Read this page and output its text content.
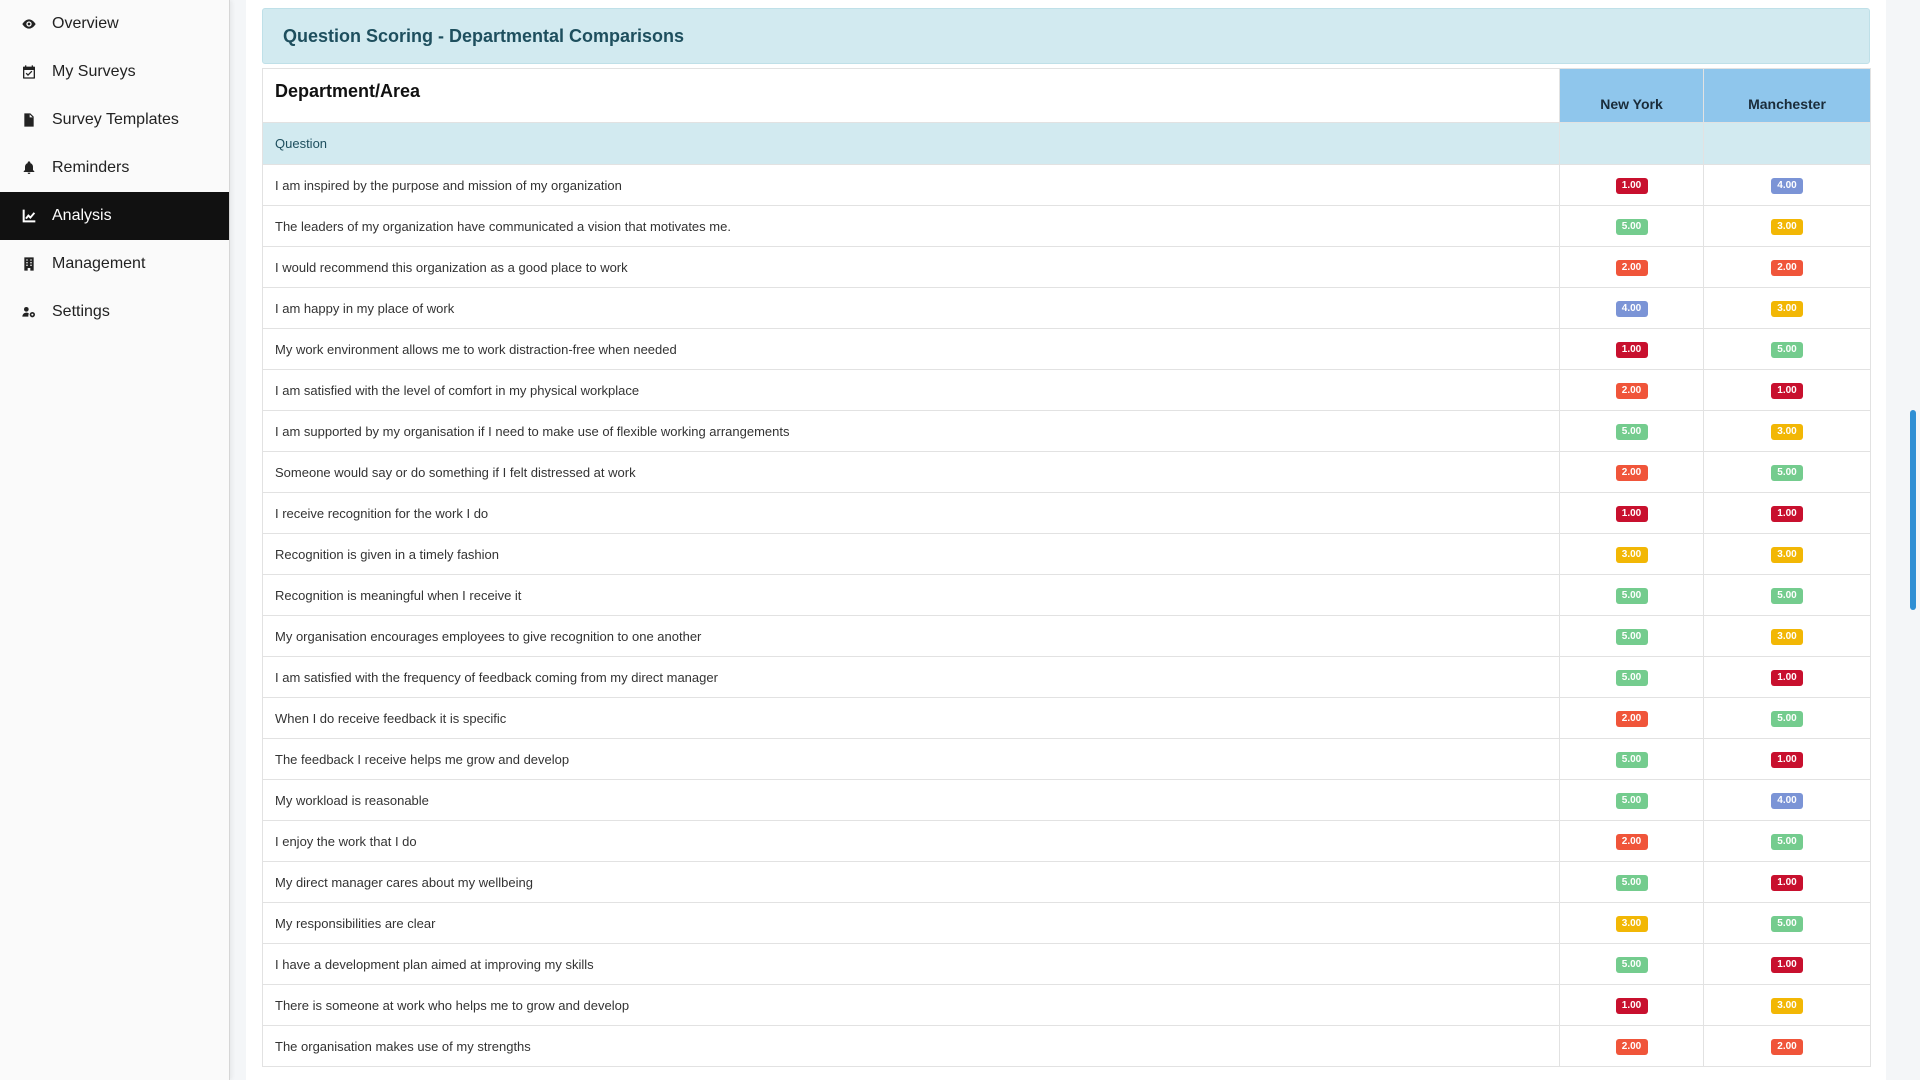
Overview
My Surveys
Survey Templates
Reminders
Analysis
Management
Settings
Question Scoring - Departmental Comparisons
Department/Area	New York	Manchester
Question		
I am inspired by the purpose and mission of my organization	1.00	4.00
The leaders of my organization have communicated a vision that motivates me.	5.00	3.00
I would recommend this organization as a good place to work	2.00	2.00
I am happy in my place of work	4.00	3.00
My work environment allows me to work distraction-free when needed	1.00	5.00
I am satisfied with the level of comfort in my physical workplace	2.00	1.00
I am supported by my organisation if I need to make use of flexible working arrangements	5.00	3.00
Someone would say or do something if I felt distressed at work	2.00	5.00
I receive recognition for the work I do	1.00	1.00
Recognition is given in a timely fashion	3.00	3.00
Recognition is meaningful when I receive it	5.00	5.00
My organisation encourages employees to give recognition to one another	5.00	3.00
I am satisfied with the frequency of feedback coming from my direct manager	5.00	1.00
When I do receive feedback it is specific	2.00	5.00
The feedback I receive helps me grow and develop	5.00	1.00
My workload is reasonable	5.00	4.00
I enjoy the work that I do	2.00	5.00
My direct manager cares about my wellbeing	5.00	1.00
My responsibilities are clear	3.00	5.00
I have a development plan aimed at improving my skills	5.00	1.00
There is someone at work who helps me to grow and develop	1.00	3.00
The organisation makes use of my strengths	2.00	2.00
